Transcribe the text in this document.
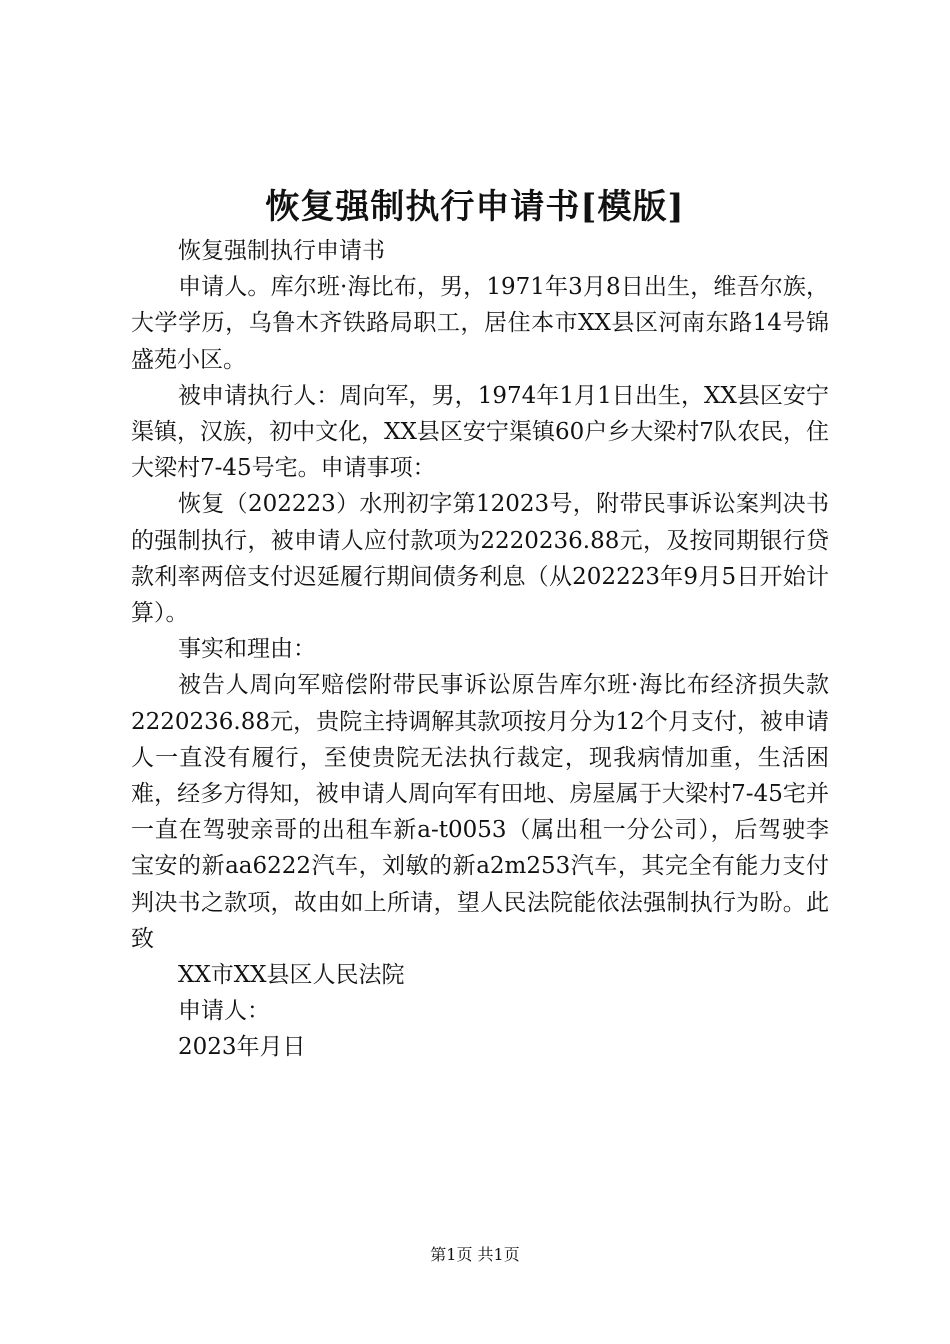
恢复强制执行申请书[模版]

恢复强制执行申请书

申请人。库尔班·海比布，男，1971年3月8日出生，维吾尔族，大学学历，乌鲁木齐铁路局职工，居住本市XX县区河南东路14号锦盛苑小区。

被申请执行人：周向军，男，1974年1月1日出生，XX县区安宁渠镇，汉族，初中文化，XX县区安宁渠镇60户乡大梁村7队农民，住大梁村7-45号宅。申请事项：

恢复（202223）水刑初字第12023号，附带民事诉讼案判决书的强制执行，被申请人应付款项为2220236.88元，及按同期银行贷款利率两倍支付迟延履行期间债务利息（从202223年9月5日开始计算）。

事实和理由：

被告人周向军赔偿附带民事诉讼原告库尔班·海比布经济损失款2220236.88元，贵院主持调解其款项按月分为12个月支付，被申请人一直没有履行，至使贵院无法执行裁定，现我病情加重，生活困难，经多方得知，被申请人周向军有田地、房屋属于大梁村7-45宅并一直在驾驶亲哥的出租车新a-t0053（属出租一分公司），后驾驶李宝安的新aa6222汽车，刘敏的新a2m253汽车，其完全有能力支付判决书之款项，故由如上所请，望人民法院能依法强制执行为盼。此致

XX市XX县区人民法院

申请人：

2023年月日

第1页 共1页
